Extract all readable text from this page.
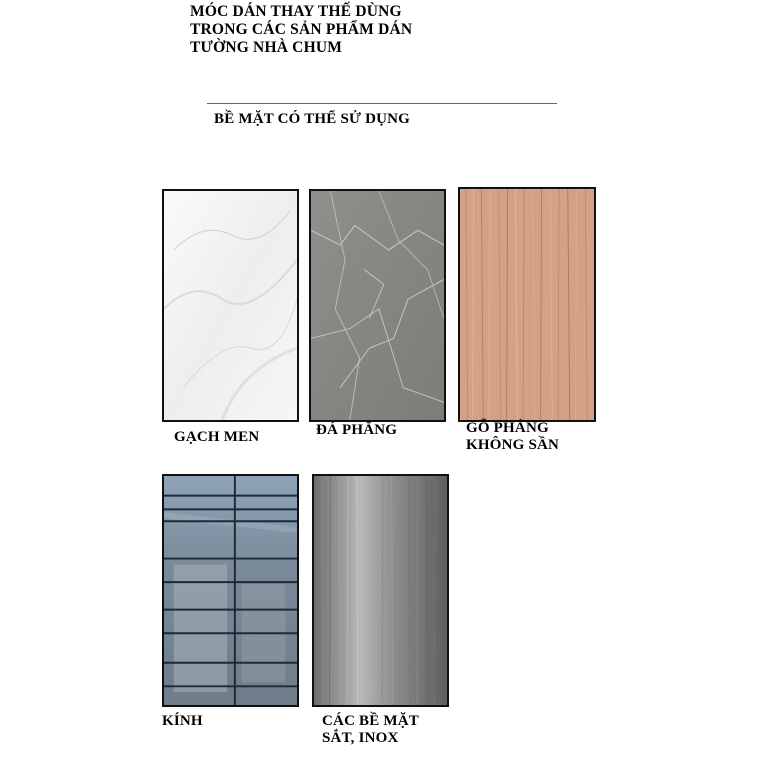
MÓC DÁN THAY THẾ DÙNG
TRONG CÁC SẢN PHẨM DÁN
TƯỜNG NHÀ CHUM
BỀ MẶT CÓ THỂ SỬ DỤNG
GẠCH MEN	ĐÁ PHẲNG	GỖ PHẲNG
KHÔNG SẦN
KÍNH	CÁC BỀ MẶT
SẮT, INOX
